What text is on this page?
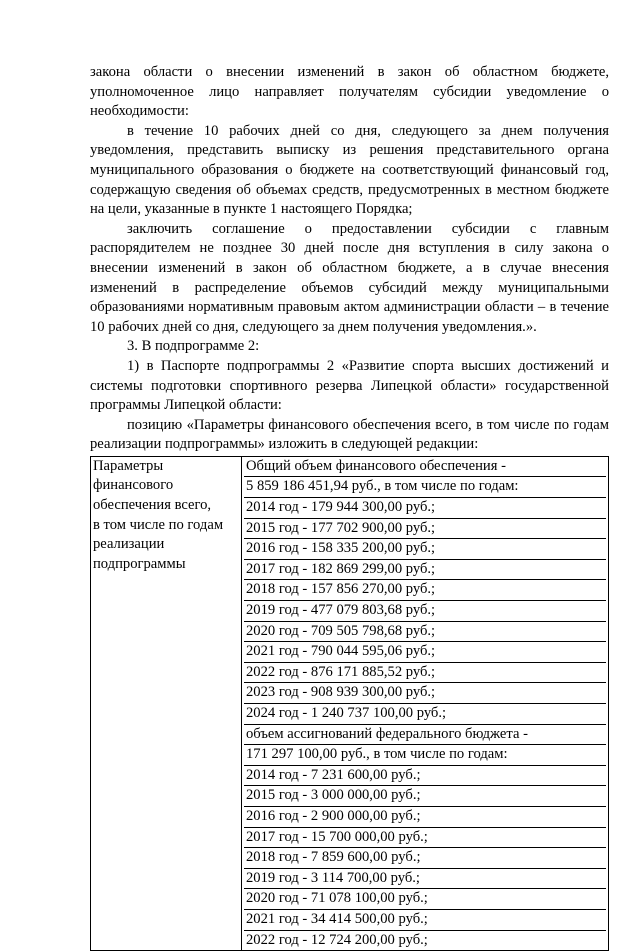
закона области о внесении изменений в закон об областном бюджете, уполномоченное лицо направляет получателям субсидии уведомление о необходимости:

в течение 10 рабочих дней со дня, следующего за днем получения уведомления, представить выписку из решения представительного органа муниципального образования о бюджете на соответствующий финансовый год, содержащую сведения об объемах средств, предусмотренных в местном бюджете на цели, указанные в пункте 1 настоящего Порядка;

заключить соглашение о предоставлении субсидии с главным распорядителем не позднее 30 дней после дня вступления в силу закона о внесении изменений в закон об областном бюджете, а в случае внесения изменений в распределение объемов субсидий между муниципальными образованиями нормативным правовым актом администрации области – в течение 10 рабочих дней со дня, следующего за днем получения уведомления.».

3. В подпрограмме 2:

1) в Паспорте подпрограммы 2 «Развитие спорта высших достижений и системы подготовки спортивного резерва Липецкой области» государственной программы Липецкой области:

позицию «Параметры финансового обеспечения всего, в том числе по годам реализации подпрограммы» изложить в следующей редакции:

Параметры
финансового
обеспечения всего,
в том числе по годам
реализации
подпрограммы

Общий объем финансового обеспечения -
5 859 186 451,94 руб., в том числе по годам:
2014 год - 179 944 300,00 руб.;
2015 год - 177 702 900,00 руб.;
2016 год - 158 335 200,00 руб.;
2017 год - 182 869 299,00 руб.;
2018 год - 157 856 270,00 руб.;
2019 год - 477 079 803,68 руб.;
2020 год - 709 505 798,68 руб.;
2021 год - 790 044 595,06 руб.;
2022 год - 876 171 885,52 руб.;
2023 год - 908 939 300,00 руб.;
2024 год - 1 240 737 100,00 руб.;
объем ассигнований федерального бюджета -
171 297 100,00 руб., в том числе по годам:
2014 год - 7 231 600,00 руб.;
2015 год - 3 000 000,00 руб.;
2016 год - 2 900 000,00 руб.;
2017 год - 15 700 000,00 руб.;
2018 год - 7 859 600,00 руб.;
2019 год - 3 114 700,00 руб.;
2020 год - 71 078 100,00 руб.;
2021 год - 34 414 500,00 руб.;
2022 год - 12 724 200,00 руб.;
